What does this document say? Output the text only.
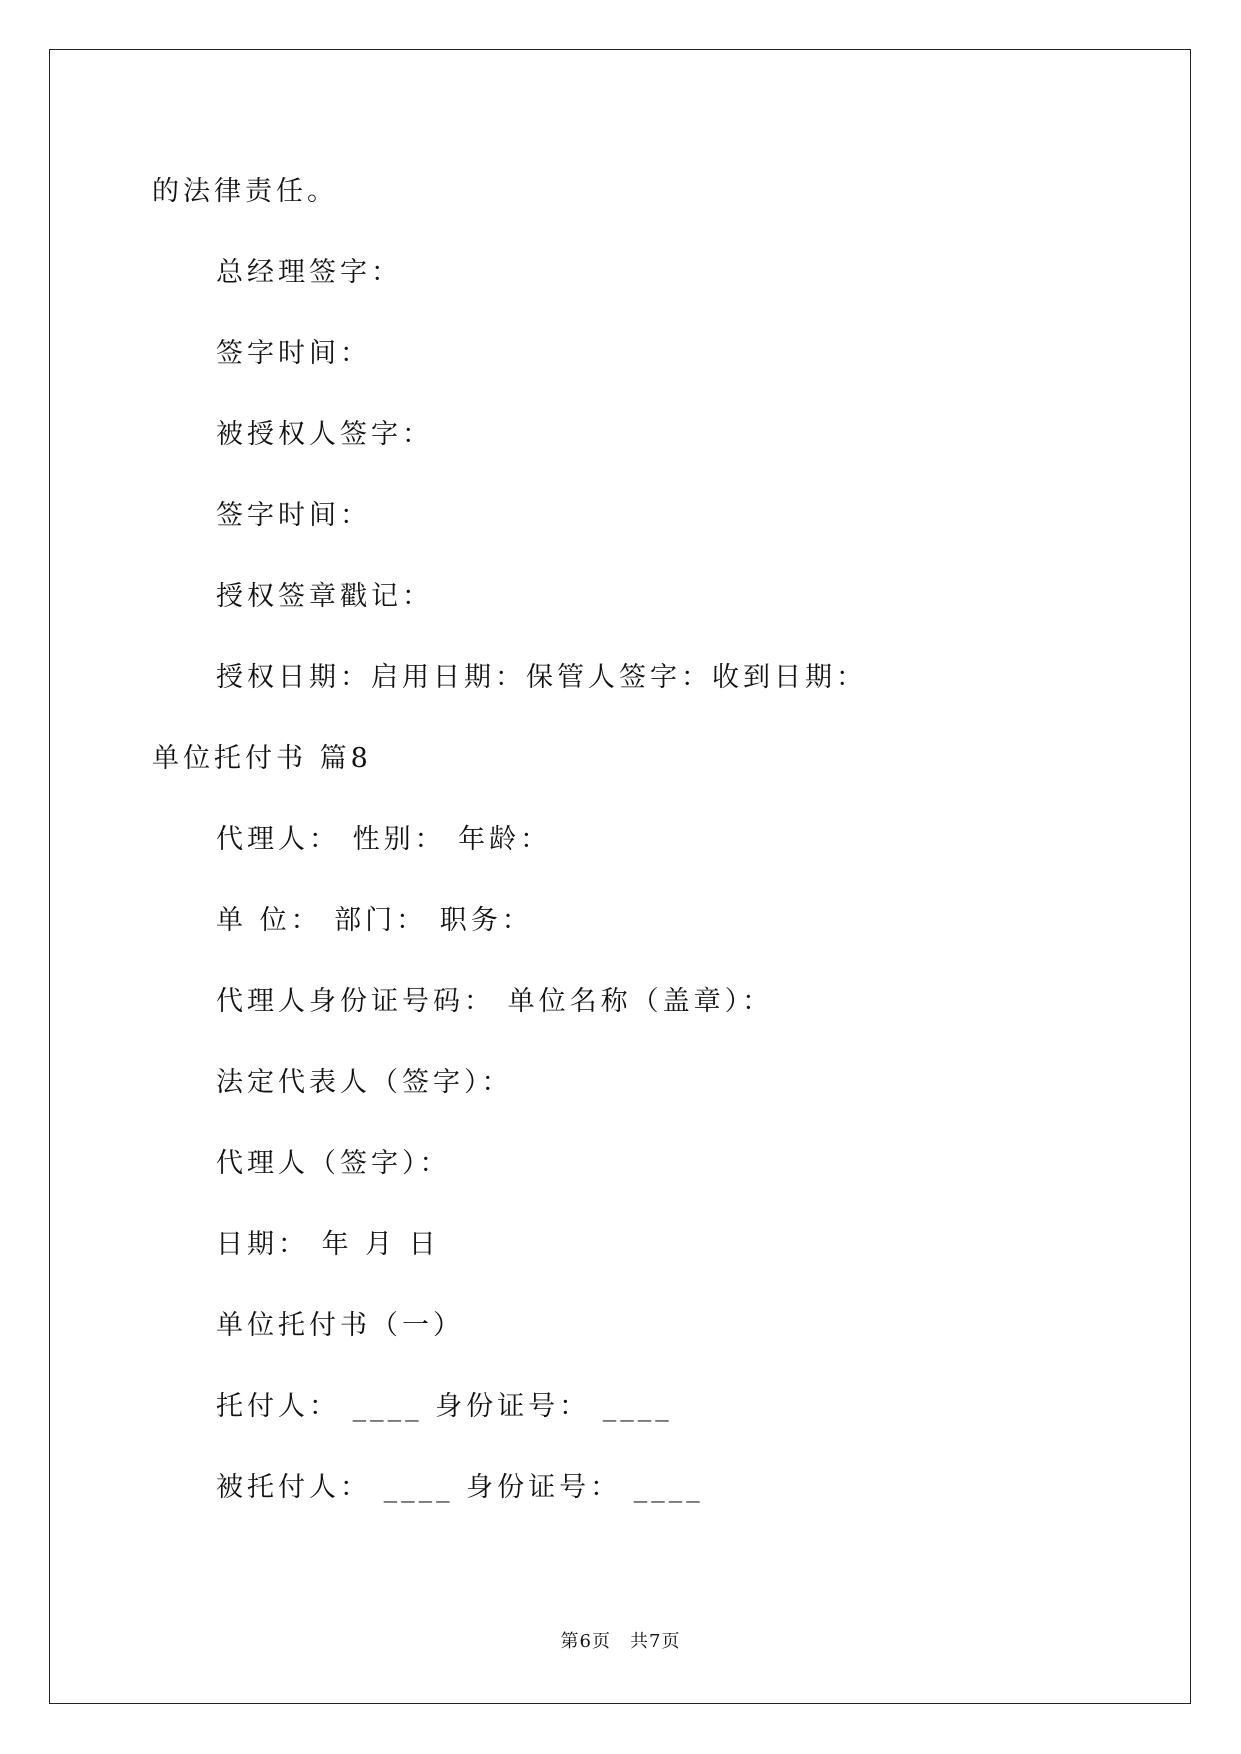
的法律责任。
总经理签字：
签字时间：
被授权人签字：
签字时间：
授权签章戳记：
授权日期：启用日期：保管人签字：收到日期：
单位托付书 篇8
代理人： 性别： 年龄：
单 位： 部门： 职务：
代理人身份证号码： 单位名称（盖章）：
法定代表人（签字）：
代理人（签字）：
日期： 年 月 日
单位托付书（一）
托付人： ____ 身份证号： ____
被托付人： ____ 身份证号： ____
第6页　共7页
